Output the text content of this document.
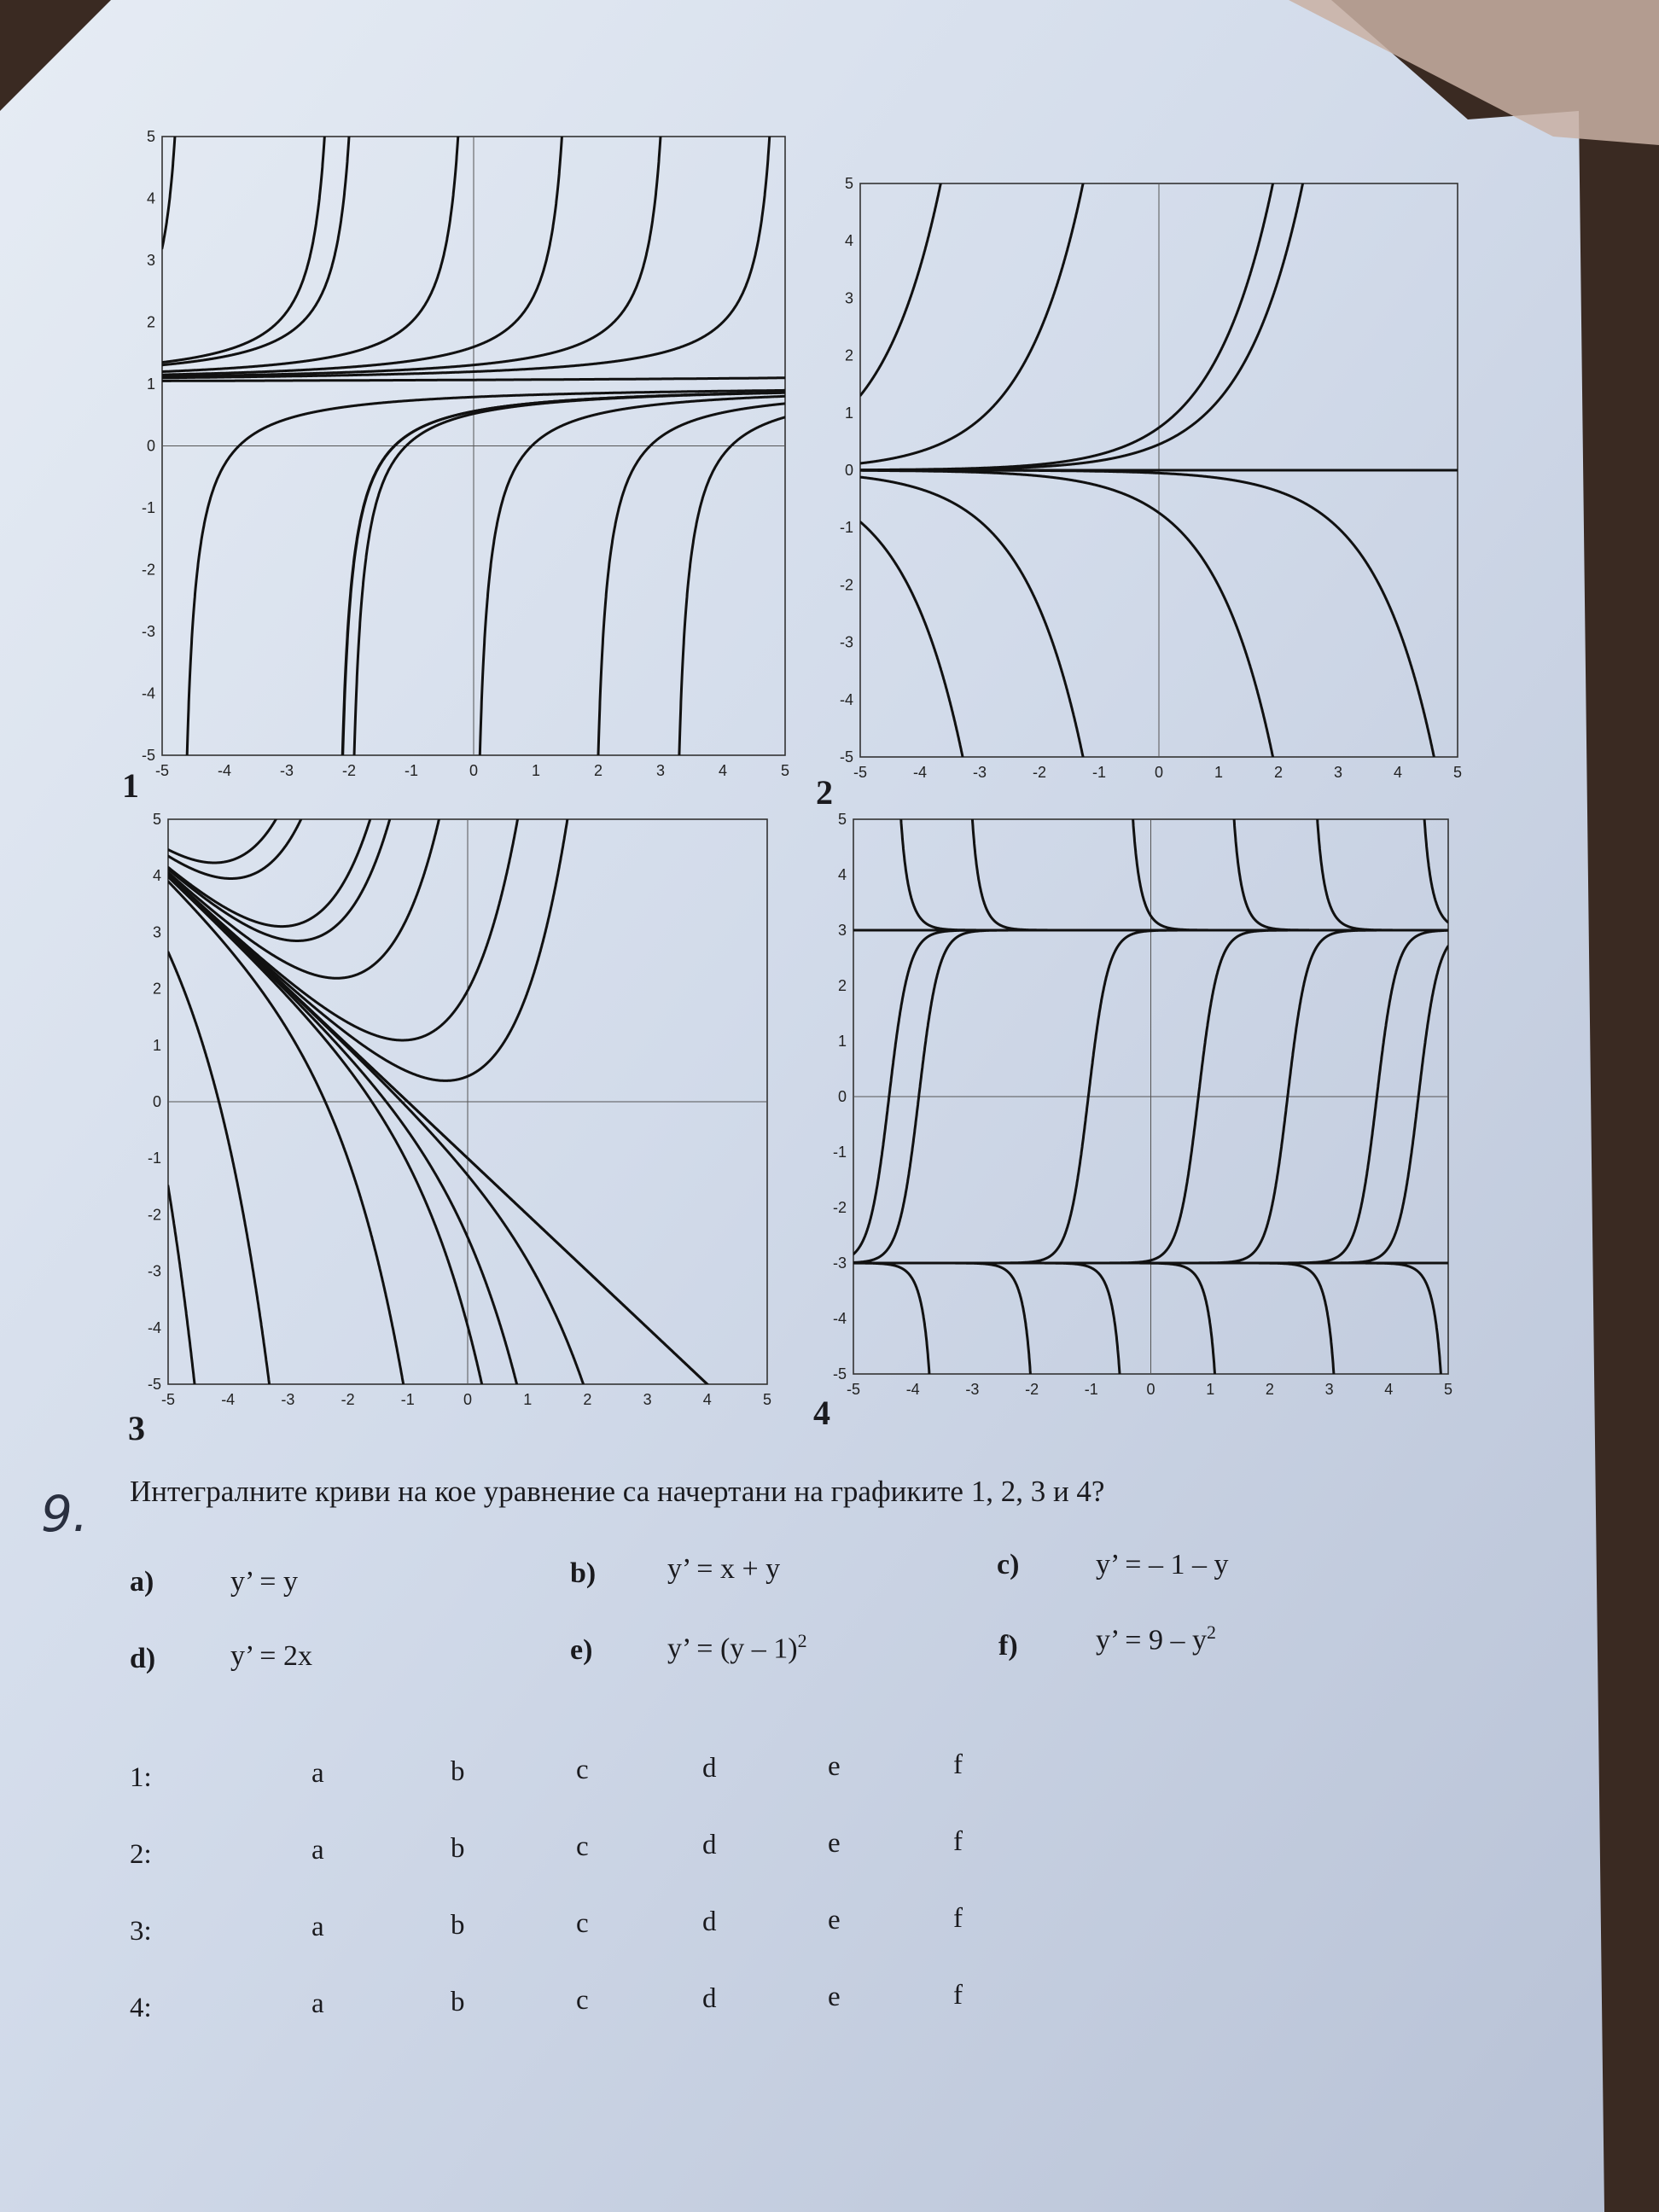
-5	-4	-3	-2	-1	0	1	2	3	4	5
-5
-4
-3
-2
-1
0
1
2
3
4
5
1	-5	-4	-3	-2	-1	0	1	2	3	4	5
5
4
3
2
1
0
-1
-2
-3
-4
-5
2
-5	-4	-3	-2	-1	0	1	2	3	4	5
5
4
3
2
1
0
-1
-2
-3
-4
-5
3
-5	-4	-3	-2	-1	0	1	2	3	4	5
5
4
3
2
1
0
-1
-2
-3
-4
-5
4
9. Интегралните криви на кое уравнение са начертани на графиките 1, 2, 3 и 4?
a)	y’ = y	b) y’ = x + y	c)	y’ = – 1 – y
d)	y’ = 2x	e)	y’ = (y – 1)$^2$	f)	y’ = $9 - y^2$
1:	a	b	c	d	e	f
2:	a	b	c	d	e	f
3:	a	b	c	d	e	f
4:	a	b	c	d	e	f
